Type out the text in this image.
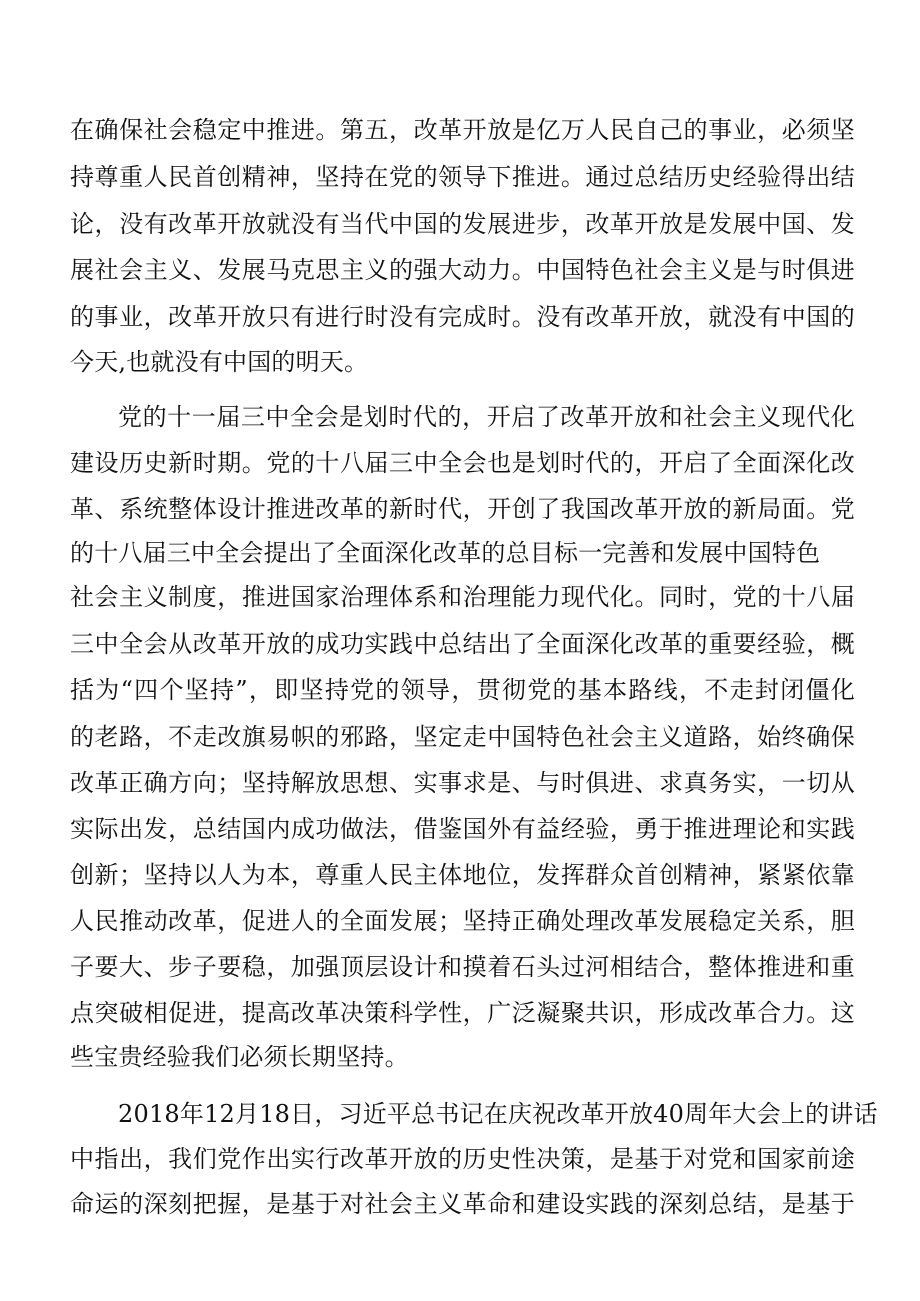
在确保社会稳定中推进。第五，改革开放是亿万人民自己的事业，必须坚
持尊重人民首创精神，坚持在党的领导下推进。通过总结历史经验得出结
论，没有改革开放就没有当代中国的发展进步，改革开放是发展中国、发
展社会主义、发展马克思主义的强大动力。中国特色社会主义是与时俱进
的事业，改革开放只有进行时没有完成时。没有改革开放，就没有中国的
今天,也就没有中国的明天。
党的十一届三中全会是划时代的，开启了改革开放和社会主义现代化
建设历史新时期。党的十八届三中全会也是划时代的，开启了全面深化改
革、系统整体设计推进改革的新时代，开创了我国改革开放的新局面。党
的十八届三中全会提出了全面深化改革的总目标一完善和发展中国特色
社会主义制度，推进国家治理体系和治理能力现代化。同时，党的十八届
三中全会从改革开放的成功实践中总结出了全面深化改革的重要经验，概
括为“四个坚持”，即坚持党的领导，贯彻党的基本路线，不走封闭僵化
的老路，不走改旗易帜的邪路，坚定走中国特色社会主义道路，始终确保
改革正确方向；坚持解放思想、实事求是、与时俱进、求真务实，一切从
实际出发，总结国内成功做法，借鉴国外有益经验，勇于推进理论和实践
创新；坚持以人为本，尊重人民主体地位，发挥群众首创精神，紧紧依靠
人民推动改革，促进人的全面发展；坚持正确处理改革发展稳定关系，胆
子要大、步子要稳，加强顶层设计和摸着石头过河相结合，整体推进和重
点突破相促进，提高改革决策科学性，广泛凝聚共识，形成改革合力。这
些宝贵经验我们必须长期坚持。
2018年12月18日，习近平总书记在庆祝改革开放40周年大会上的讲话
中指出，我们党作出实行改革开放的历史性决策，是基于对党和国家前途
命运的深刻把握，是基于对社会主义革命和建设实践的深刻总结，是基于
